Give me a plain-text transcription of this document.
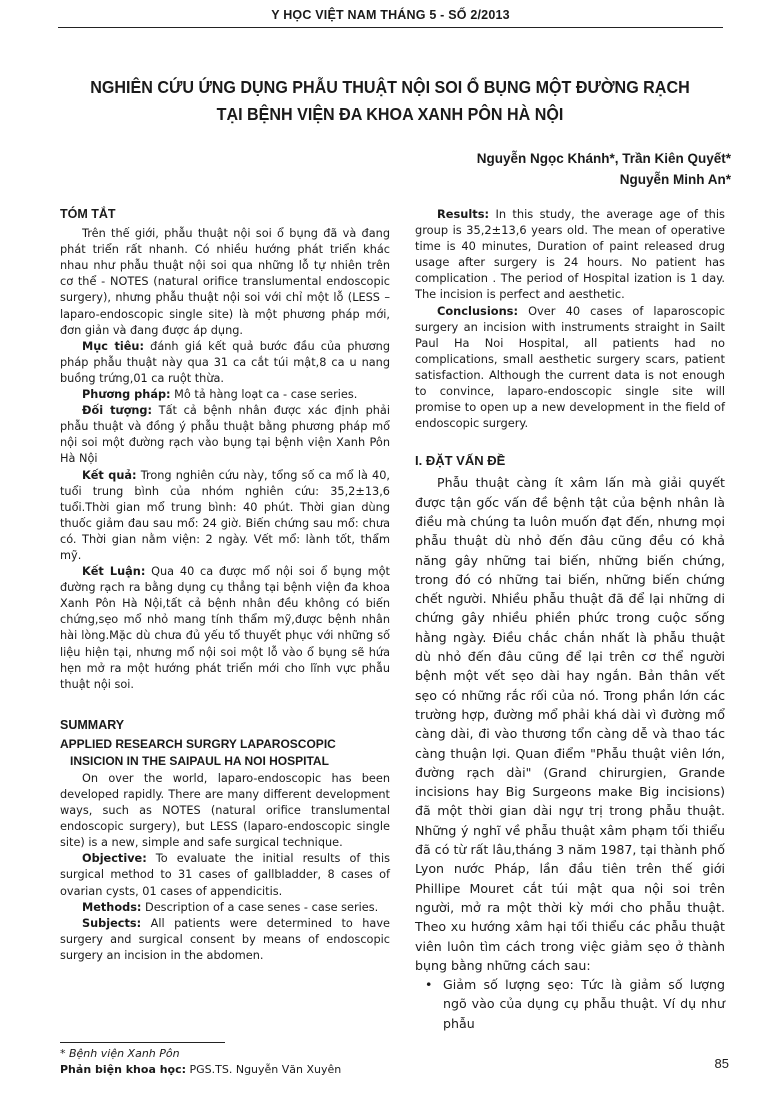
Y HỌC VIỆT NAM THÁNG 5 - SỐ 2/2013
NGHIÊN CỨU ỨNG DỤNG PHẪU THUẬT NỘI SOI Ổ BỤNG MỘT ĐƯỜNG RẠCH
TẠI BỆNH VIỆN ĐA KHOA XANH PÔN HÀ NỘI
Nguyễn Ngọc Khánh*, Trần Kiên Quyết*
Nguyễn Minh An*
TÓM TẮT

Trên thế giới, phẫu thuật nội soi ổ bụng đã và đang phát triển rất nhanh. Có nhiều hướng phát triển khác nhau như phẫu thuật nội soi qua những lỗ tự nhiên trên cơ thể - NOTES (natural orifice translumental endoscopic surgery), nhưng phẫu thuật nội soi với chỉ một lỗ (LESS –laparo-endoscopic single site) là một phương pháp mới, đơn giản và đang được áp dụng.

Mục tiêu: đánh giá kết quả bước đầu của phương pháp phẫu thuật này qua 31 ca cắt túi mật,8 ca u nang buồng trứng,01 ca ruột thừa.

Phương pháp: Mô tả hàng loạt ca - case series.

Đối tượng: Tất cả bệnh nhân được xác định phải phẫu thuật và đồng ý phẫu thuật bằng phương pháp mổ nội soi một đường rạch vào bụng tại bệnh viện Xanh Pôn Hà Nội

Kết quả: Trong nghiên cứu này, tổng số ca mổ là 40, tuổi trung bình của nhóm nghiên cứu: 35,2±13,6 tuổi.Thời gian mổ trung bình: 40 phút. Thời gian dùng thuốc giảm đau sau mổ: 24 giờ. Biến chứng sau mổ: chưa có. Thời gian nằm viện: 2 ngày. Vết mổ: lành tốt, thẩm mỹ.

Kết Luận: Qua 40 ca được mổ nội soi ổ bụng một đường rạch ra bằng dụng cụ thẳng tại bệnh viện đa khoa Xanh Pôn Hà Nội,tất cả bệnh nhân đều không có biến chứng,sẹo mổ nhỏ mang tính thẩm mỹ,được bệnh nhân hài lòng.Mặc dù chưa đủ yếu tố thuyết phục với những số liệu hiện tại, nhưng mổ nội soi một lỗ vào ổ bụng sẽ hứa hẹn mở ra một hướng phát triển mới cho lĩnh vực phẫu thuật nội soi.

SUMMARY
APPLIED RESEARCH SURGRY LAPAROSCOPIC
INSICION IN THE SAIPAUL HA NOI HOSPITAL

On over the world, laparo-endoscopic has been developed rapidly. There are many different development ways, such as NOTES (natural orifice translumental endoscopic surgery), but LESS (laparo-endoscopic single site) is a new, simple and safe surgical technique.

Objective: To evaluate the initial results of this surgical method to 31 cases of gallbladder, 8 cases of ovarian cysts, 01 cases of appendicitis.

Methods: Description of a case senes - case series.

Subjects: All patients were determined to have surgery and surgical consent by means of endoscopic surgery an incision in the abdomen.

Results: In this study, the average age of this group is 35,2±13,6 years old. The mean of operative time is 40 minutes, Duration of paint released drug usage after surgery is 24 hours. No patient has complication . The period of Hospital ization is 1 day. The incision is perfect and aesthetic.

Conclusions: Over 40 cases of laparoscopic surgery an incision with instruments straight in Sailt Paul Ha Noi Hospital, all patients had no complications, small aesthetic surgery scars, patient satisfaction. Although the current data is not enough to convince, laparo-endoscopic single site will promise to open up a new development in the field of endoscopic surgery.

I. ĐẶT VẤN ĐỀ

Phẫu thuật càng ít xâm lấn mà giải quyết được tận gốc vấn đề bệnh tật của bệnh nhân là điều mà chúng ta luôn muốn đạt đến, nhưng mọi phẫu thuật dù nhỏ đến đâu cũng đều có khả năng gây những tai biến, những biến chứng, trong đó có những tai biến, những biến chứng chết người. Nhiều phẫu thuật đã để lại những di chứng gây nhiều phiền phức trong cuộc sống hằng ngày. Điều chắc chắn nhất là phẫu thuật dù nhỏ đến đâu cũng để lại trên cơ thể người bệnh một vết sẹo dài hay ngắn. Bản thân vết sẹo có những rắc rối của nó. Trong phần lớn các trường hợp, đường mổ phải khá dài vì đường mổ càng dài, đi vào thương tổn càng dễ và thao tác càng thuận lợi. Quan điểm "Phẫu thuật viên lớn, đường rạch dài" (Grand chirurgien, Grande incisions hay Big Surgeons make Big incisions) đã một thời gian dài ngự trị trong phẫu thuật. Những ý nghĩ về phẫu thuật xâm phạm tối thiểu đã có từ rất lâu,tháng 3 năm 1987, tại thành phố Lyon nước Pháp, lần đầu tiên trên thế giới Phillipe Mouret cắt túi mật qua nội soi trên người, mở ra một thời kỳ mới cho phẫu thuật. Theo xu hướng xâm hại tối thiểu các phẫu thuật viên luôn tìm cách trong việc giảm sẹo ở thành bụng bằng những cách sau:

• Giảm số lượng sẹo: Tức là giảm số lượng ngõ vào của dụng cụ phẫu thuật. Ví dụ như phẫu
* Bệnh viện Xanh Pôn
Phản biện khoa học: PGS.TS. Nguyễn Văn Xuyên	85
